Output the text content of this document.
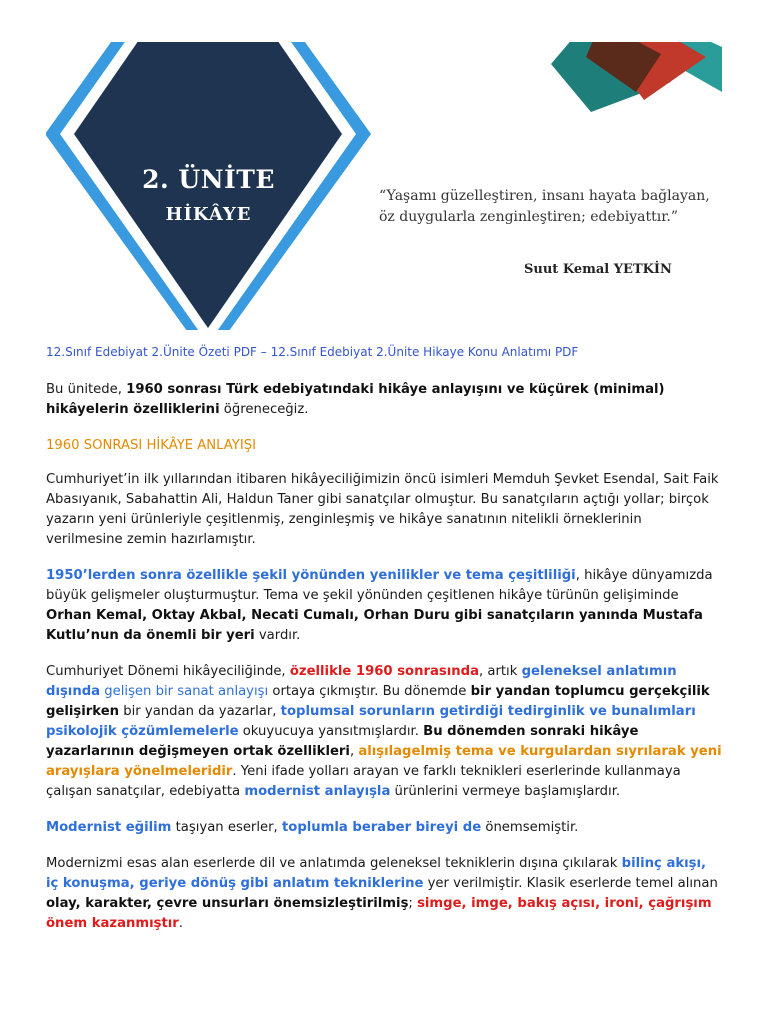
2. ÜNİTE
HİKÂYE
“Yaşamı güzelleştiren, insanı hayata bağlayan, öz duygularla zenginleştiren; edebiyattır.”
Suut Kemal YETKİN

12.Sınıf Edebiyat 2.Ünite Özeti PDF – 12.Sınıf Edebiyat 2.Ünite Hikaye Konu Anlatımı PDF

Bu ünitede, 1960 sonrası Türk edebiyatındaki hikâye anlayışını ve küçürek (minimal) hikâyelerin özelliklerini öğreneceğiz.

1960 SONRASI HİKÂYE ANLAYIŞI

Cumhuriyet’in ilk yıllarından itibaren hikâyeciliğimizin öncü isimleri Memduh Şevket Esendal, Sait Faik Abasıyanık, Sabahattin Ali, Haldun Taner gibi sanatçılar olmuştur. Bu sanatçıların açtığı yollar; birçok yazarın yeni ürünleriyle çeşitlenmiş, zenginleşmiş ve hikâye sanatının nitelikli örneklerinin verilmesine zemin hazırlamıştır.

1950’lerden sonra özellikle şekil yönünden yenilikler ve tema çeşitliliği, hikâye dünyamızda büyük gelişmeler oluşturmuştur. Tema ve şekil yönünden çeşitlenen hikâye türünün gelişiminde Orhan Kemal, Oktay Akbal, Necati Cumalı, Orhan Duru gibi sanatçıların yanında Mustafa Kutlu’nun da önemli bir yeri vardır.

Cumhuriyet Dönemi hikâyeciliğinde, özellikle 1960 sonrasında, artık geleneksel anlatımın dışında gelişen bir sanat anlayışı ortaya çıkmıştır. Bu dönemde bir yandan toplumcu gerçekçilik gelişirken bir yandan da yazarlar, toplumsal sorunların getirdiği tedirginlik ve bunalımları psikolojik çözümlemelerle okuyucuya yansıtmışlardır. Bu dönemden sonraki hikâye yazarlarının değişmeyen ortak özellikleri, alışılagelmiş tema ve kurgulardan sıyrılarak yeni arayışlara yönelmeleridir. Yeni ifade yolları arayan ve farklı teknikleri eserlerinde kullanmaya çalışan sanatçılar, edebiyatta modernist anlayışla ürünlerini vermeye başlamışlardır.

Modernist eğilim taşıyan eserler, toplumla beraber bireyi de önemsemiştir.

Modernizmi esas alan eserlerde dil ve anlatımda geleneksel tekniklerin dışına çıkılarak bilinç akışı, iç konuşma, geriye dönüş gibi anlatım tekniklerine yer verilmiştir. Klasik eserlerde temel alınan olay, karakter, çevre unsurları önemsizleştirilmiş; simge, imge, bakış açısı, ironi, çağrışım önem kazanmıştır.
